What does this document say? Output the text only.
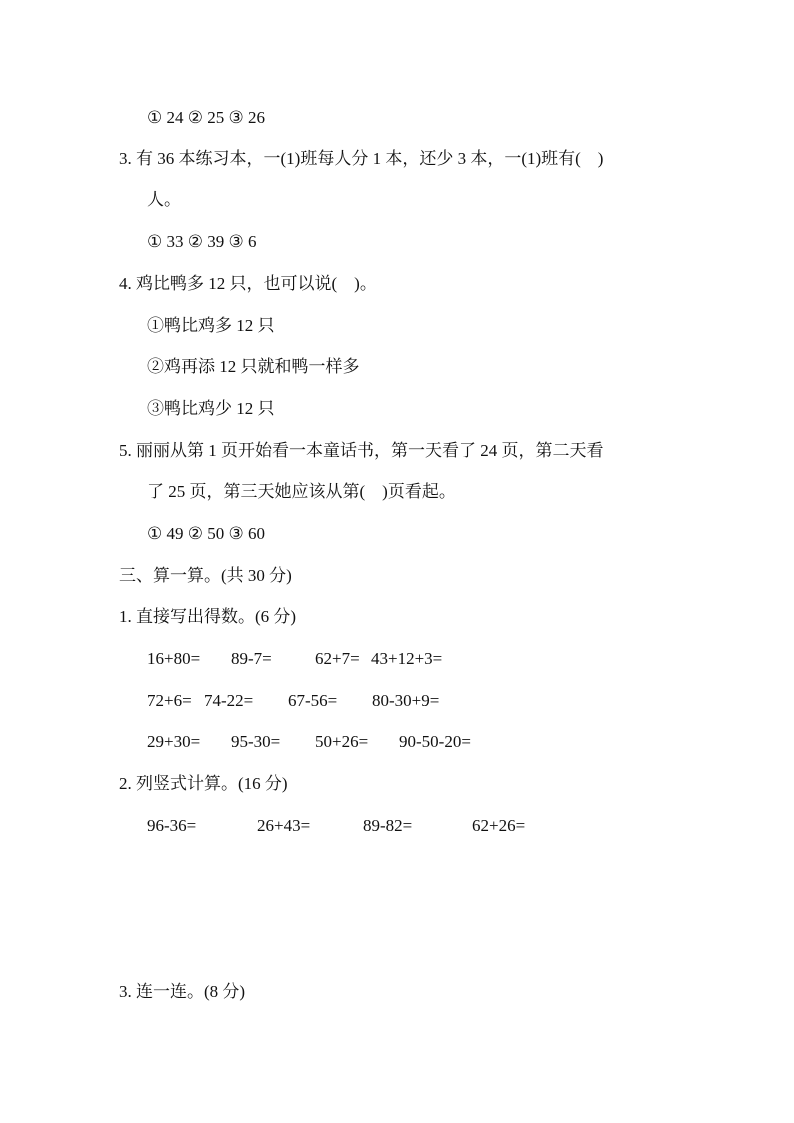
① 24 ② 25 ③ 26
3. 有 36 本练习本，一(1)班每人分 1 本，还少 3 本，一(1)班有(    )
人。
① 33 ② 39 ③ 6
4. 鸡比鸭多 12 只，也可以说(    )。
①鸭比鸡多 12 只
②鸡再添 12 只就和鸭一样多
③鸭比鸡少 12 只
5. 丽丽从第 1 页开始看一本童话书，第一天看了 24 页，第二天看
了 25 页，第三天她应该从第(    )页看起。
① 49 ② 50 ③ 60
三、算一算。(共 30 分)
1. 直接写出得数。(6 分)
16+80= 89-7=	62+7= 43+12+3=
72+6= 74-22= 67-56= 80-30+9=
29+30= 95-30= 50+26= 90-50-20=
2. 列竖式计算。(16 分)
96-36=	26+43=	89-82=	62+26=
3. 连一连。(8 分)
